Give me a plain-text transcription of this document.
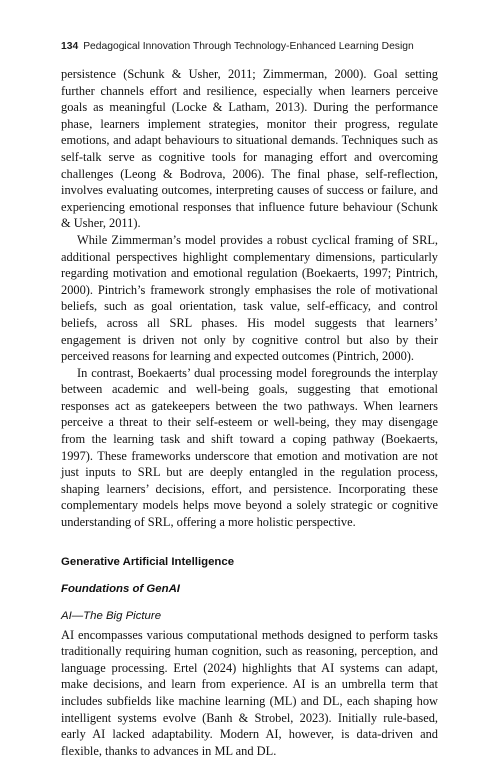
134 Pedagogical Innovation Through Technology-Enhanced Learning Design

persistence (Schunk & Usher, 2011; Zimmerman, 2000). Goal setting further channels effort and resilience, especially when learners perceive goals as meaningful (Locke & Latham, 2013). During the performance phase, learners implement strategies, monitor their progress, regulate emotions, and adapt behaviours to situational demands. Techniques such as self-talk serve as cognitive tools for managing effort and overcoming challenges (Leong & Bodrova, 2006). The final phase, self-reflection, involves evaluating outcomes, interpreting causes of success or failure, and experiencing emotional responses that influence future behaviour (Schunk & Usher, 2011).

While Zimmerman’s model provides a robust cyclical framing of SRL, additional perspectives highlight complementary dimensions, particularly regarding motivation and emotional regulation (Boekaerts, 1997; Pintrich, 2000). Pintrich’s framework strongly emphasises the role of motivational beliefs, such as goal orientation, task value, self-efficacy, and control beliefs, across all SRL phases. His model suggests that learners’ engagement is driven not only by cognitive control but also by their perceived reasons for learning and expected outcomes (Pintrich, 2000).

In contrast, Boekaerts’ dual processing model foregrounds the interplay between academic and well-being goals, suggesting that emotional responses act as gatekeepers between the two pathways. When learners perceive a threat to their self-esteem or well-being, they may disengage from the learning task and shift toward a coping pathway (Boekaerts, 1997). These frameworks underscore that emotion and motivation are not just inputs to SRL but are deeply entangled in the regulation process, shaping learners’ decisions, effort, and persistence. Incorporating these complementary models helps move beyond a solely strategic or cognitive understanding of SRL, offering a more holistic perspective.

Generative Artificial Intelligence
Foundations of GenAI
AI—The Big Picture

AI encompasses various computational methods designed to perform tasks traditionally requiring human cognition, such as reasoning, perception, and language processing. Ertel (2024) highlights that AI systems can adapt, make decisions, and learn from experience. AI is an umbrella term that includes subfields like machine learning (ML) and DL, each shaping how intelligent systems evolve (Banh & Strobel, 2023). Initially rule-based, early AI lacked adaptability. Modern AI, however, is data-driven and flexible, thanks to advances in ML and DL.
